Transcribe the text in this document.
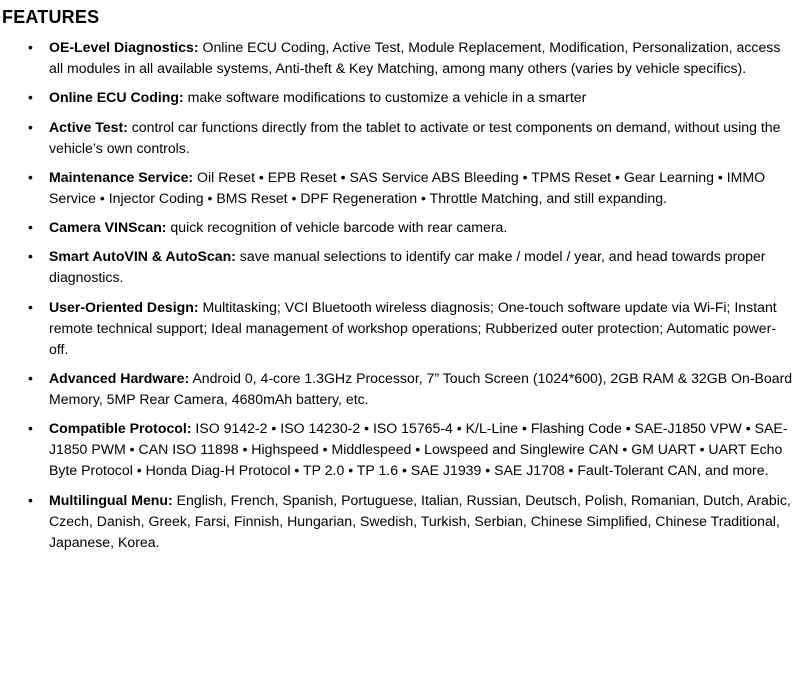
FEATURES
• OE-Level Diagnostics: Online ECU Coding, Active Test, Module Replacement, Modification, Personalization, access all modules in all available systems, Anti-theft & Key Matching, among many others (varies by vehicle specifics).
• Online ECU Coding: make software modifications to customize a vehicle in a smarter
• Active Test: control car functions directly from the tablet to activate or test components on demand, without using the vehicle’s own controls.
• Maintenance Service: Oil Reset • EPB Reset • SAS Service ABS Bleeding • TPMS Reset • Gear Learning • IMMO Service • Injector Coding • BMS Reset • DPF Regeneration • Throttle Matching, and still expanding.
• Camera VINScan: quick recognition of vehicle barcode with rear camera.
• Smart AutoVIN & AutoScan: save manual selections to identify car make / model / year, and head towards proper diagnostics.
• User-Oriented Design: Multitasking; VCI Bluetooth wireless diagnosis; One-touch software update via Wi-Fi; Instant remote technical support; Ideal management of workshop operations; Rubberized outer protection; Automatic power-off.
• Advanced Hardware: Android 0, 4-core 1.3GHz Processor, 7” Touch Screen (1024*600), 2GB RAM & 32GB On-Board Memory, 5MP Rear Camera, 4680mAh battery, etc.
• Compatible Protocol: ISO 9142-2 • ISO 14230-2 • ISO 15765-4 • K/L-Line • Flashing Code • SAE-J1850 VPW • SAE-J1850 PWM • CAN ISO 11898 • Highspeed • Middlespeed • Lowspeed and Singlewire CAN • GM UART • UART Echo Byte Protocol • Honda Diag-H Protocol • TP 2.0 • TP 1.6 • SAE J1939 • SAE J1708 • Fault-Tolerant CAN, and more.
• Multilingual Menu: English, French, Spanish, Portuguese, Italian, Russian, Deutsch, Polish, Romanian, Dutch, Arabic, Czech, Danish, Greek, Farsi, Finnish, Hungarian, Swedish, Turkish, Serbian, Chinese Simplified, Chinese Traditional, Japanese, Korea.
